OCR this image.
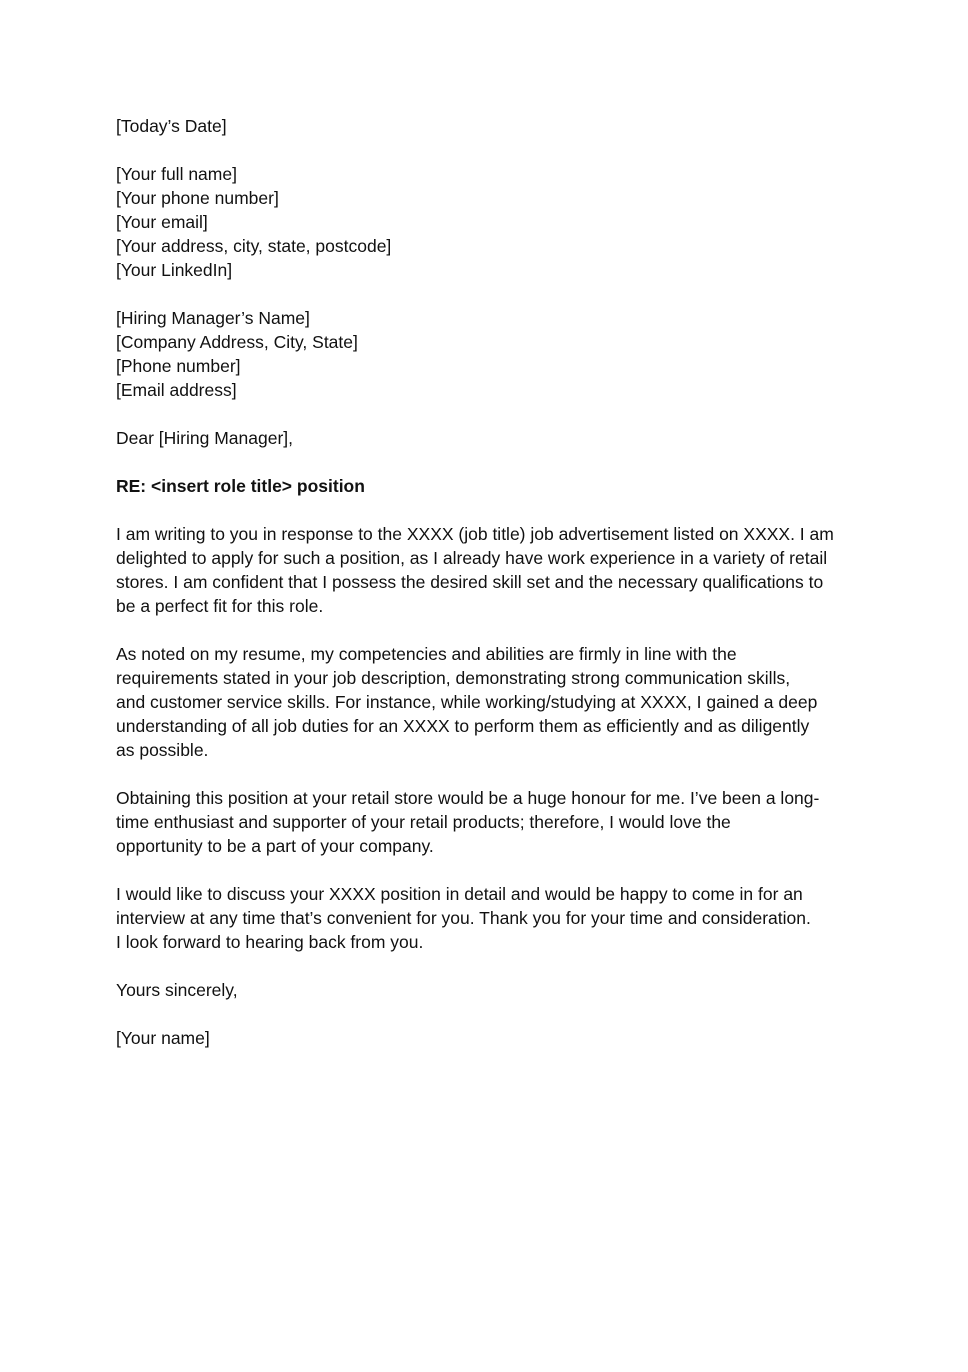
[Today’s Date]
[Your full name]
[Your phone number]
[Your email]
[Your address, city, state, postcode]
[Your LinkedIn]
[Hiring Manager’s Name]
[Company Address, City, State]
[Phone number]
[Email address]
Dear [Hiring Manager],
RE: <insert role title> position
I am writing to you in response to the XXXX (job title) job advertisement listed on XXXX. I am
delighted to apply for such a position, as I already have work experience in a variety of retail
stores. I am confident that I possess the desired skill set and the necessary qualifications to
be a perfect fit for this role.
As noted on my resume, my competencies and abilities are firmly in line with the
requirements stated in your job description, demonstrating strong communication skills,
and customer service skills. For instance, while working/studying at XXXX, I gained a deep
understanding of all job duties for an XXXX to perform them as efficiently and as diligently
as possible.
Obtaining this position at your retail store would be a huge honour for me. I’ve been a long-
time enthusiast and supporter of your retail products; therefore, I would love the
opportunity to be a part of your company.
I would like to discuss your XXXX position in detail and would be happy to come in for an
interview at any time that’s convenient for you. Thank you for your time and consideration.
I look forward to hearing back from you.
Yours sincerely,
[Your name]
